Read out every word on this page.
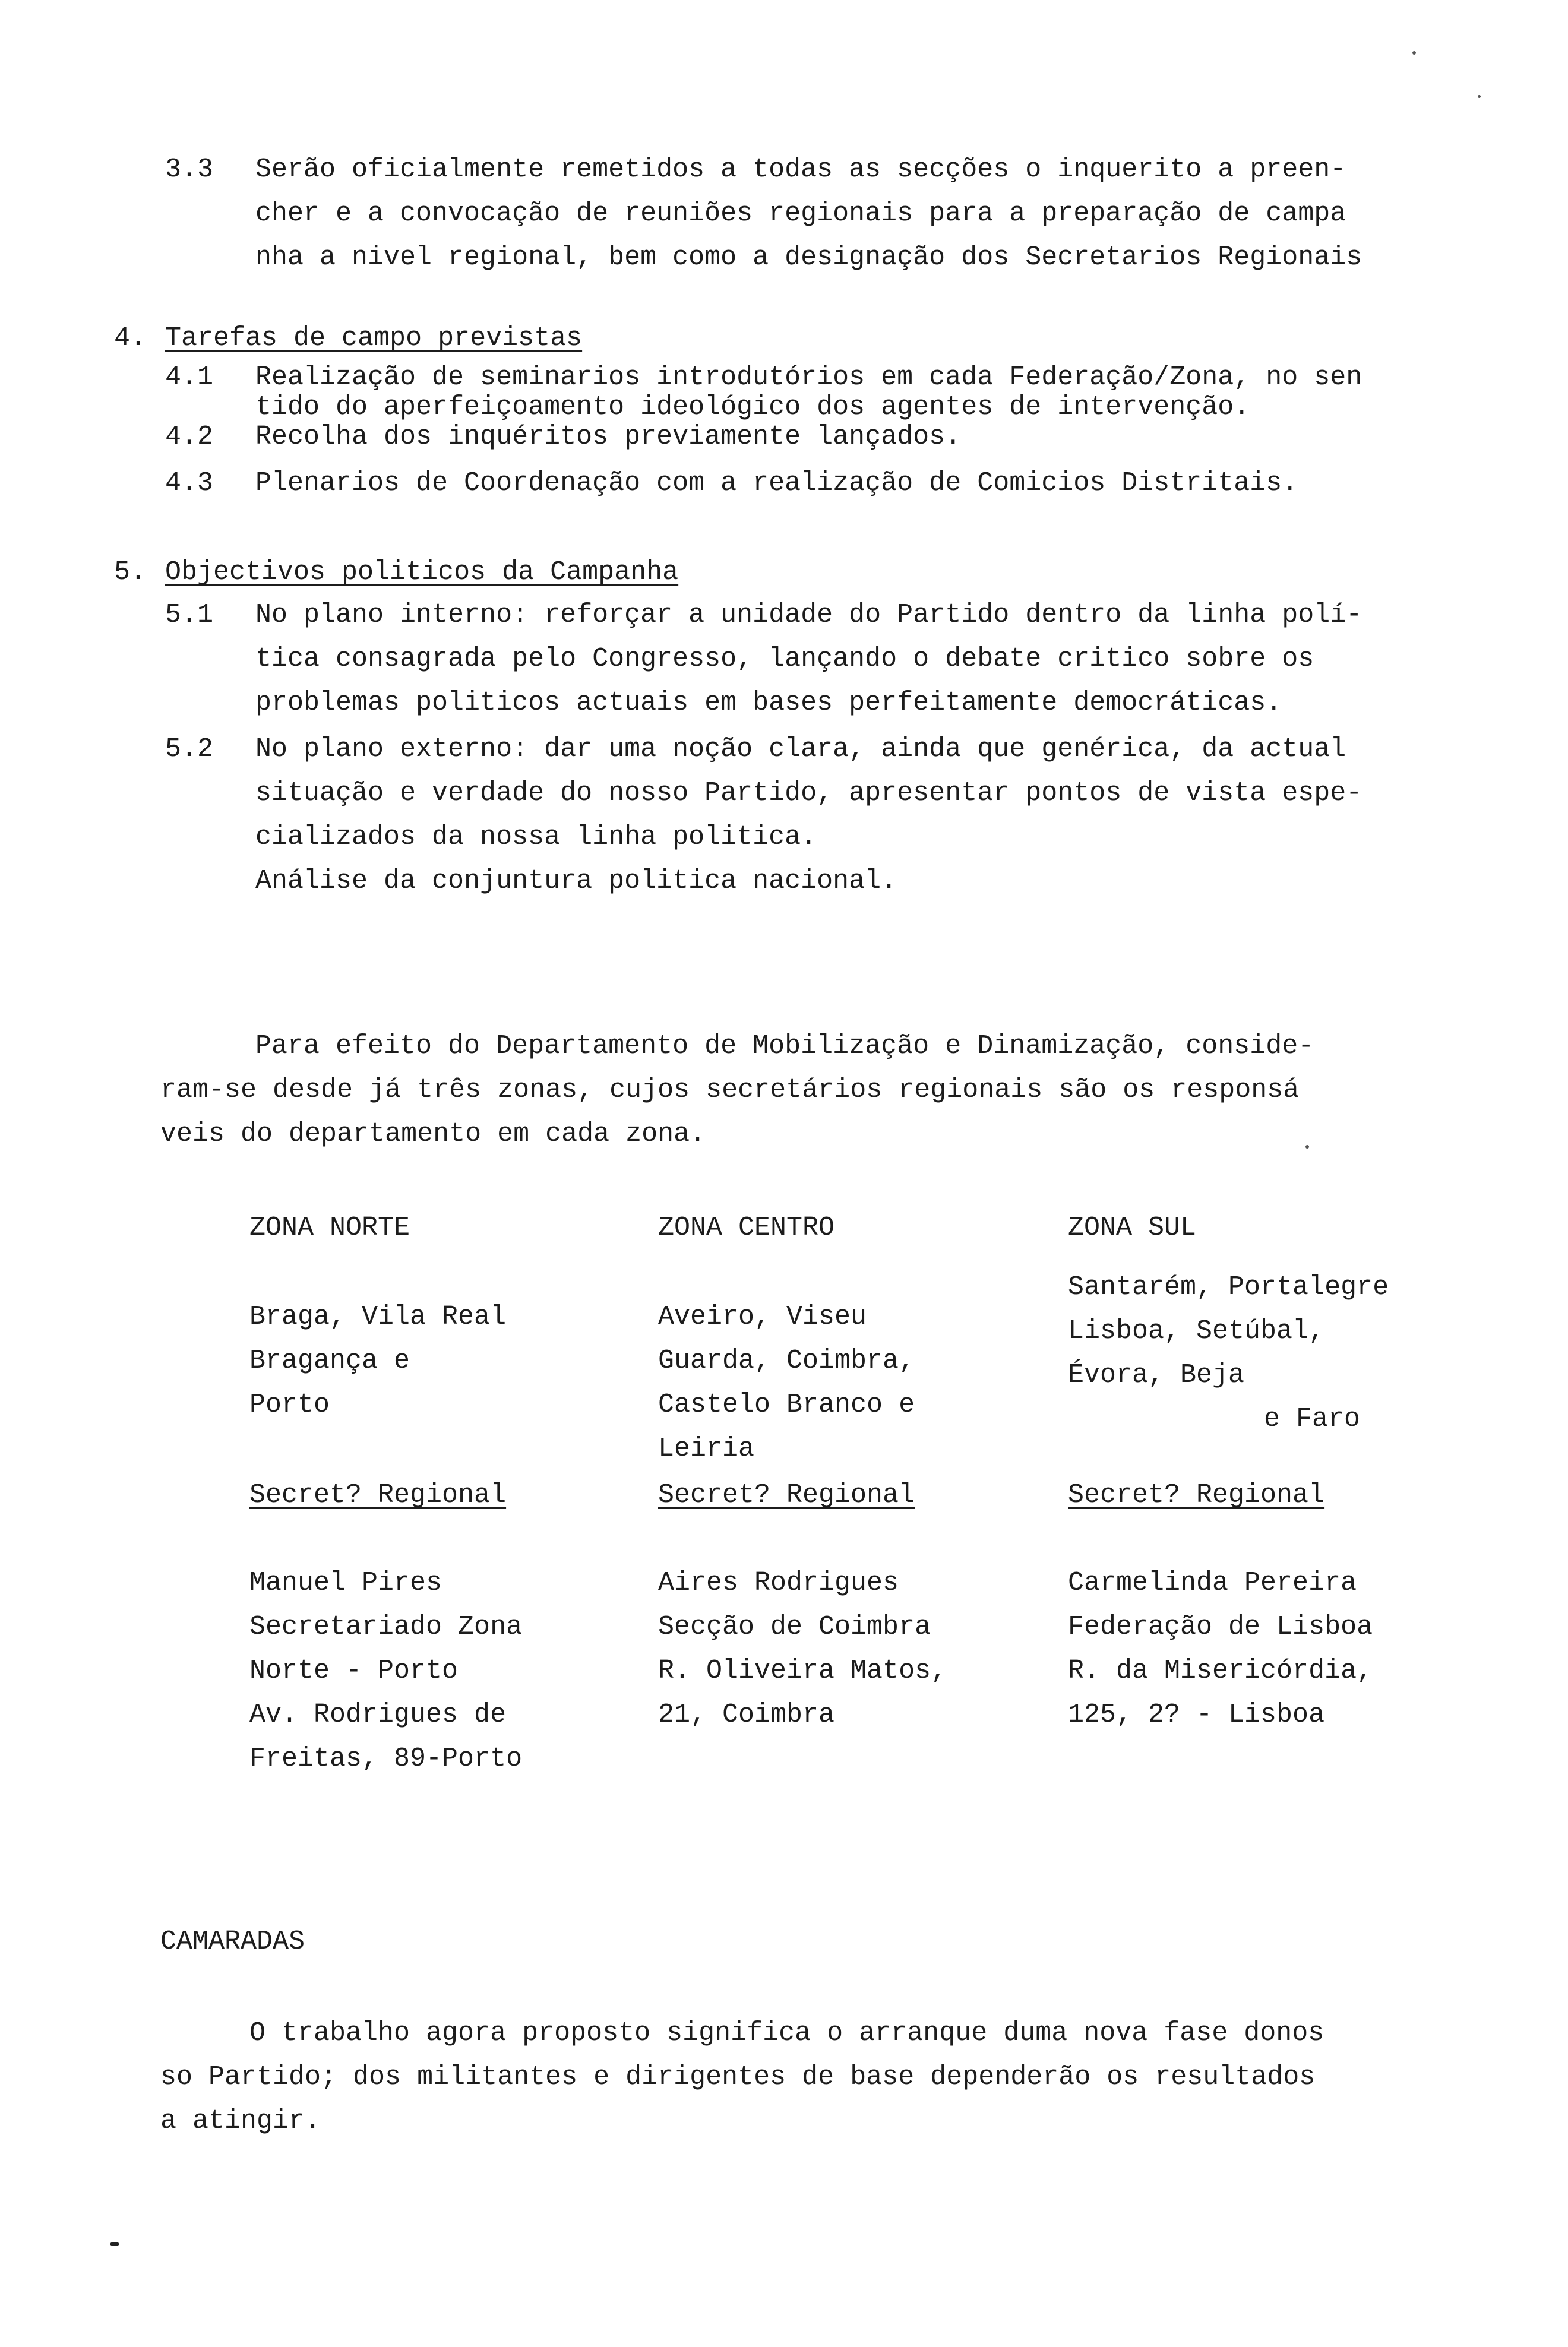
3.3 Serão oficialmente remetidos a todas as secções o inquerito a preen-
cher e a convocação de reuniões regionais para a preparação de campa
nha a nivel regional, bem como a designação dos Secretarios Regionais
4. Tarefas de campo previstas
4.1 Realização de seminarios introdutórios em cada Federação/Zona, no sen
tido do aperfeiçoamento ideológico dos agentes de intervenção.
4.2 Recolha dos inquéritos previamente lançados.
4.3 Plenarios de Coordenação com a realização de Comicios Distritais.
5. Objectivos politicos da Campanha
5.1 No plano interno: reforçar a unidade do Partido dentro da linha polí-
tica consagrada pelo Congresso, lançando o debate critico sobre os
problemas politicos actuais em bases perfeitamente democráticas.
5.2 No plano externo: dar uma noção clara, ainda que genérica, da actual
situação e verdade do nosso Partido, apresentar pontos de vista espe-
cializados da nossa linha politica.
Análise da conjuntura politica nacional.
Para efeito do Departamento de Mobilização e Dinamização, conside-
ram-se desde já três zonas, cujos secretários regionais são os responsá
veis do departamento em cada zona.
ZONA NORTE
Braga, Vila Real
Bragança e
Porto
Secret? Regional
Manuel Pires
Secretariado Zona
Norte - Porto
Av. Rodrigues de
Freitas, 89-Porto
ZONA CENTRO
Aveiro, Viseu
Guarda, Coimbra,
Castelo Branco e
Leiria
Secret? Regional
Aires Rodrigues
Secção de Coimbra
R. Oliveira Matos,
21, Coimbra
ZONA SUL
Santarém, Portalegre
Lisboa, Setúbal,
Évora, Beja
e Faro
Secret? Regional
Carmelinda Pereira
Federação de Lisboa
R. da Misericórdia,
125, 2? - Lisboa
CAMARADAS
O trabalho agora proposto significa o arranque duma nova fase donos
so Partido; dos militantes e dirigentes de base dependerão os resultados
a atingir.
